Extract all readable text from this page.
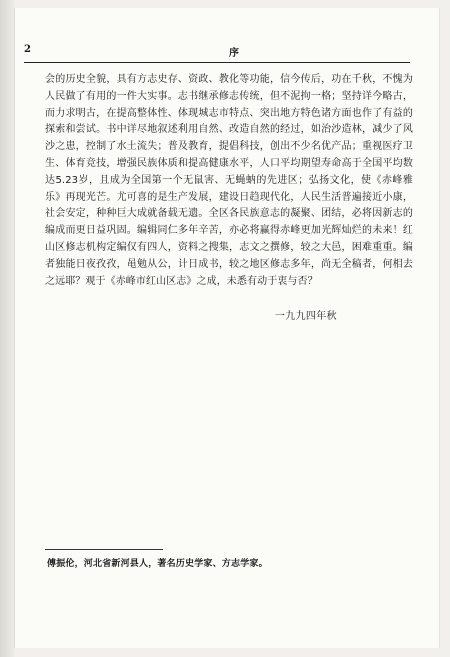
2	序

会的历史全貌，具有方志史存、资政、教化等功能，信今传后，功在千秋，不愧为人民做了有用的一件大实事。志书继承修志传统，但不泥拘一格；坚持详今略古，而力求明古，在提高整体性、体现城志市特点、突出地方特色诸方面也作了有益的探索和尝试。书中详尽地叙述利用自然、改造自然的经过，如治沙造林，减少了风沙之患，控制了水土流失；普及教育，提倡科技，创出不少名优产品；重视医疗卫生、体育竞技，增强民族体质和提高健康水平，人口平均期望寿命高于全国平均数达5.23岁，且成为全国第一个无鼠害、无蝇蚋的先进区；弘扬文化，使《赤峰雅乐》再现光芒。尤可喜的是生产发展，建设日趋现代化，人民生活普遍接近小康，社会安定，种种巨大成就备载无遗。全区各民族意志的凝聚、团结，必将因新志的编成而更日益巩固。编辑同仁多年辛苦，亦必将赢得赤峰更加光辉灿烂的未来！红山区修志机构定编仅有四人，资料之搜集，志文之撰修，较之大邑，困难重重。编者独能日夜孜孜，黾勉从公，计日成书，较之地区修志多年，尚无全稿者，何相去之远耶？观于《赤峰市红山区志》之成，未悉有动于衷与否？

一九九四年秋
傅振伦，河北省新河县人，著名历史学家、方志学家。
